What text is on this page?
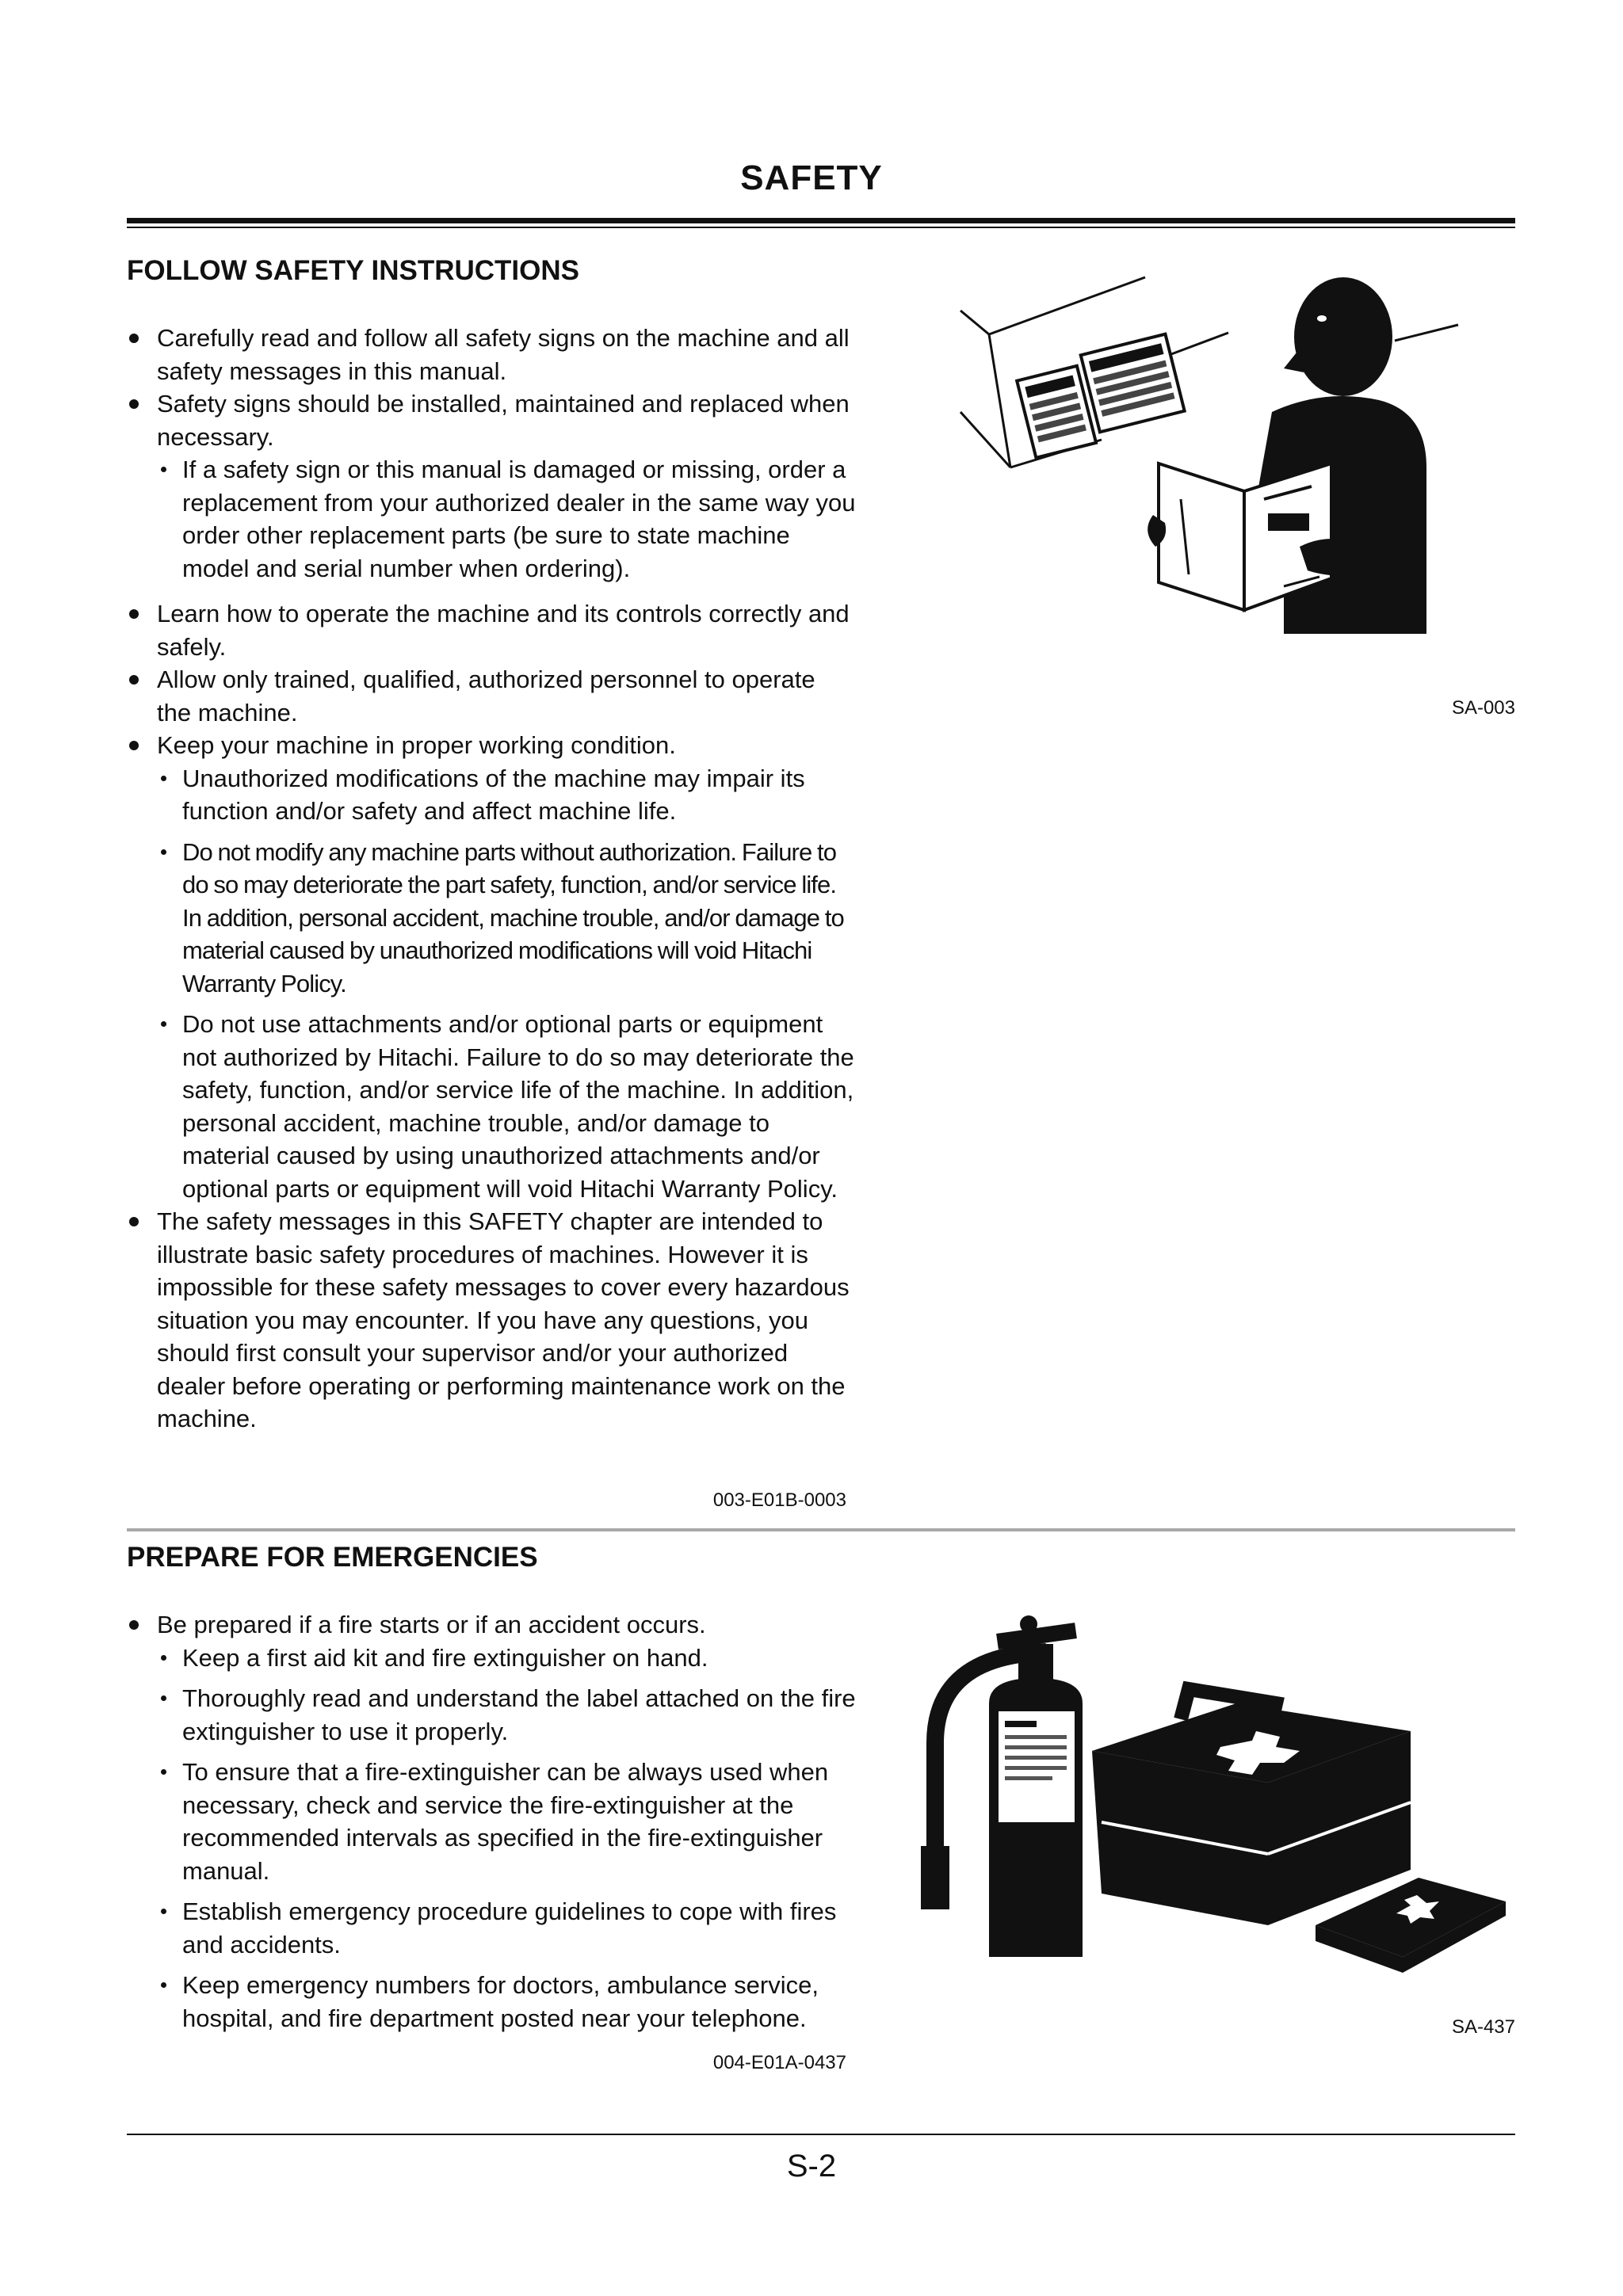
SAFETY
FOLLOW SAFETY INSTRUCTIONS

Carefully read and follow all safety signs on the machine and all safety messages in this manual.

Safety signs should be installed, maintained and replaced when necessary.

If a safety sign or this manual is damaged or missing, order a replacement from your authorized dealer in the same way you order other replacement parts (be sure to state machine model and serial number when ordering).

Learn how to operate the machine and its controls correctly and safely.

Allow only trained, qualified, authorized personnel to operate the machine.

Keep your machine in proper working condition.

Unauthorized modifications of the machine may impair its function and/or safety and affect machine life.

Do not modify any machine parts without authorization. Failure to do so may deteriorate the part safety, function, and/or service life. In addition, personal accident, machine trouble, and/or damage to material caused by unauthorized modifications will void Hitachi Warranty Policy.

Do not use attachments and/or optional parts or equipment not authorized by Hitachi. Failure to do so may deteriorate the safety, function, and/or service life of the machine. In addition, personal accident, machine trouble, and/or damage to material caused by using unauthorized attachments and/or optional parts or equipment will void Hitachi Warranty Policy.

The safety messages in this SAFETY chapter are intended to illustrate basic safety procedures of machines. However it is impossible for these safety messages to cover every hazardous situation you may encounter. If you have any questions, you should first consult your supervisor and/or your authorized dealer before operating or performing maintenance work on the machine.

003-E01B-0003
SA-003
PREPARE FOR EMERGENCIES

Be prepared if a fire starts or if an accident occurs.

Keep a first aid kit and fire extinguisher on hand.

Thoroughly read and understand the label attached on the fire extinguisher to use it properly.

To ensure that a fire-extinguisher can be always used when necessary, check and service the fire-extinguisher at the recommended intervals as specified in the fire-extinguisher manual.

Establish emergency procedure guidelines to cope with fires and accidents.

Keep emergency numbers for doctors, ambulance service, hospital, and fire department posted near your telephone.

004-E01A-0437
SA-437
S-2
